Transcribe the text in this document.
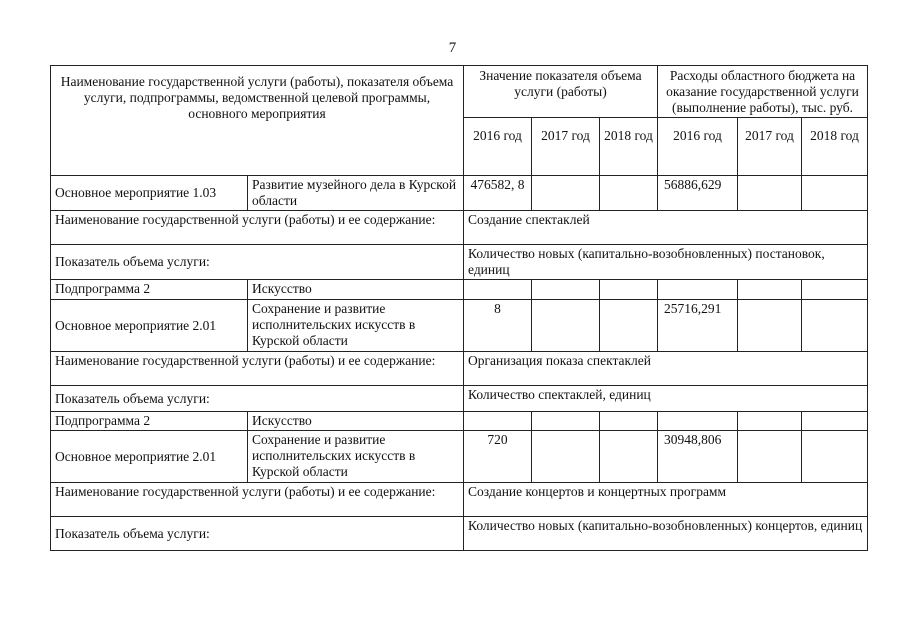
7
Наименование государственной услуги (работы), показателя объема услуги, подпрограммы, ведомственной целевой программы, основного мероприятия		Значение показателя объема услуги (работы)			Расходы областного бюджета на оказание государственной услуги (выполнение работы), тыс. руб.		
		2016 год	2017 год	2018 год	2016 год	2017 год	2018 год
Основное мероприятие 1.03	Развитие музейного дела в Курской области	476582, 8			56886,629		
Наименование государственной услуги (работы) и ее содержание:		Создание спектаклей					
Показатель объема услуги:		Количество новых (капитально-возобновленных) постановок, единиц					
Подпрограмма 2	Искусство						
Основное мероприятие 2.01	Сохранение и развитие исполнительских искусств в Курской области	8			25716,291		
Наименование государственной услуги (работы) и ее содержание:		Организация показа спектаклей					
Показатель объема услуги:		Количество спектаклей, единиц					
Подпрограмма 2	Искусство						
Основное мероприятие 2.01	Сохранение и развитие исполнительских искусств в Курской области	720			30948,806		
Наименование государственной услуги (работы) и ее содержание:		Создание концертов и концертных программ					
Показатель объема услуги:		Количество новых (капитально-возобновленных) концертов, единиц					
